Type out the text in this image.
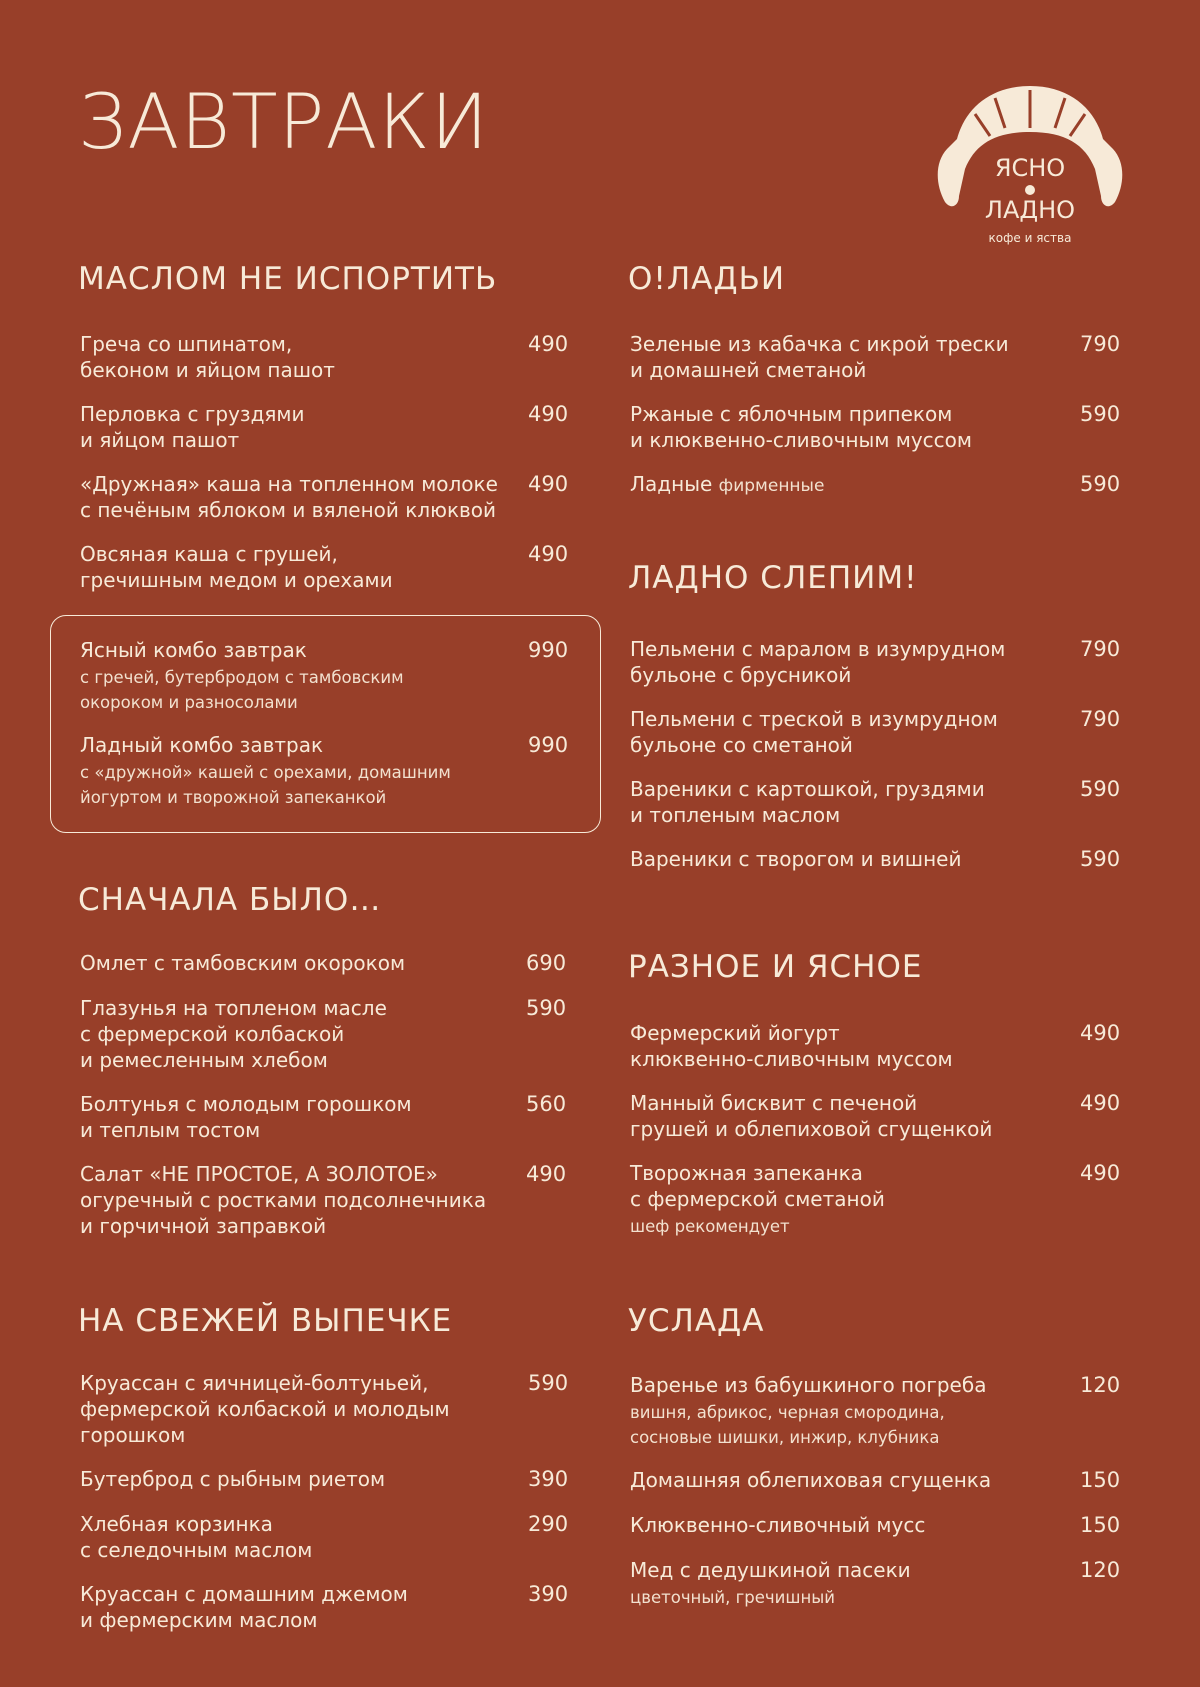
ЗАВТРАКИ
ЯСНО
ЛАДНО
кофе и яства
МАСЛОМ НЕ ИСПОРТИТЬ
Греча со шпинатом,
беконом и яйцом пашот
490
Перловка с груздями
и яйцом пашот
490
«Дружная» каша на топленном молоке
с печёным яблоком и вяленой клюквой
490
Овсяная каша с грушей,
гречишным медом и орехами
490
Ясный комбо завтрак
с гречей, бутербродом с тамбовским
окороком и разносолами
990
Ладный комбо завтрак
с «дружной» кашей с орехами, домашним
йогуртом и творожной запеканкой
990
СНАЧАЛА БЫЛО…
Омлет с тамбовским окороком	690
Глазунья на топленом масле
с фермерской колбаской
и ремесленным хлебом
590
Болтунья с молодым горошком
и теплым тостом
560
Салат «НЕ ПРОСТОЕ, А ЗОЛОТОЕ»
огуречный с ростками подсолнечника
и горчичной заправкой
490
НА СВЕЖЕЙ ВЫПЕЧКЕ
Круассан с яичницей-болтуньей,
фермерской колбаской и молодым
горошком
590
Бутерброд с рыбным риетом	390
Хлебная корзинка
с селедочным маслом
290
Круассан с домашним джемом
и фермерским маслом
390
О!ЛАДЬИ
Зеленые из кабачка с икрой трески
и домашней сметаной
790
Ржаные с яблочным припеком
и клюквенно-сливочным муссом
590
Ладные фирменные	590
ЛАДНО СЛЕПИМ!
Пельмени с маралом в изумрудном
бульоне с брусникой
790
Пельмени с треской в изумрудном
бульоне со сметаной
790
Вареники с картошкой, груздями
и топленым маслом
590
Вареники с творогом и вишней	590
РАЗНОЕ И ЯСНОЕ
Фермерский йогурт
клюквенно-сливочным муссом
490
Манный бисквит с печеной
грушей и облепиховой сгущенкой
490
Творожная запеканка
с фермерской сметаной
шеф рекомендует
490
УСЛАДА
Варенье из бабушкиного погреба
вишня, абрикос, черная смородина,
сосновые шишки, инжир, клубника
120
Домашняя облепиховая сгущенка	150
Клюквенно-сливочный мусс	150
Мед с дедушкиной пасеки
цветочный, гречишный
120
